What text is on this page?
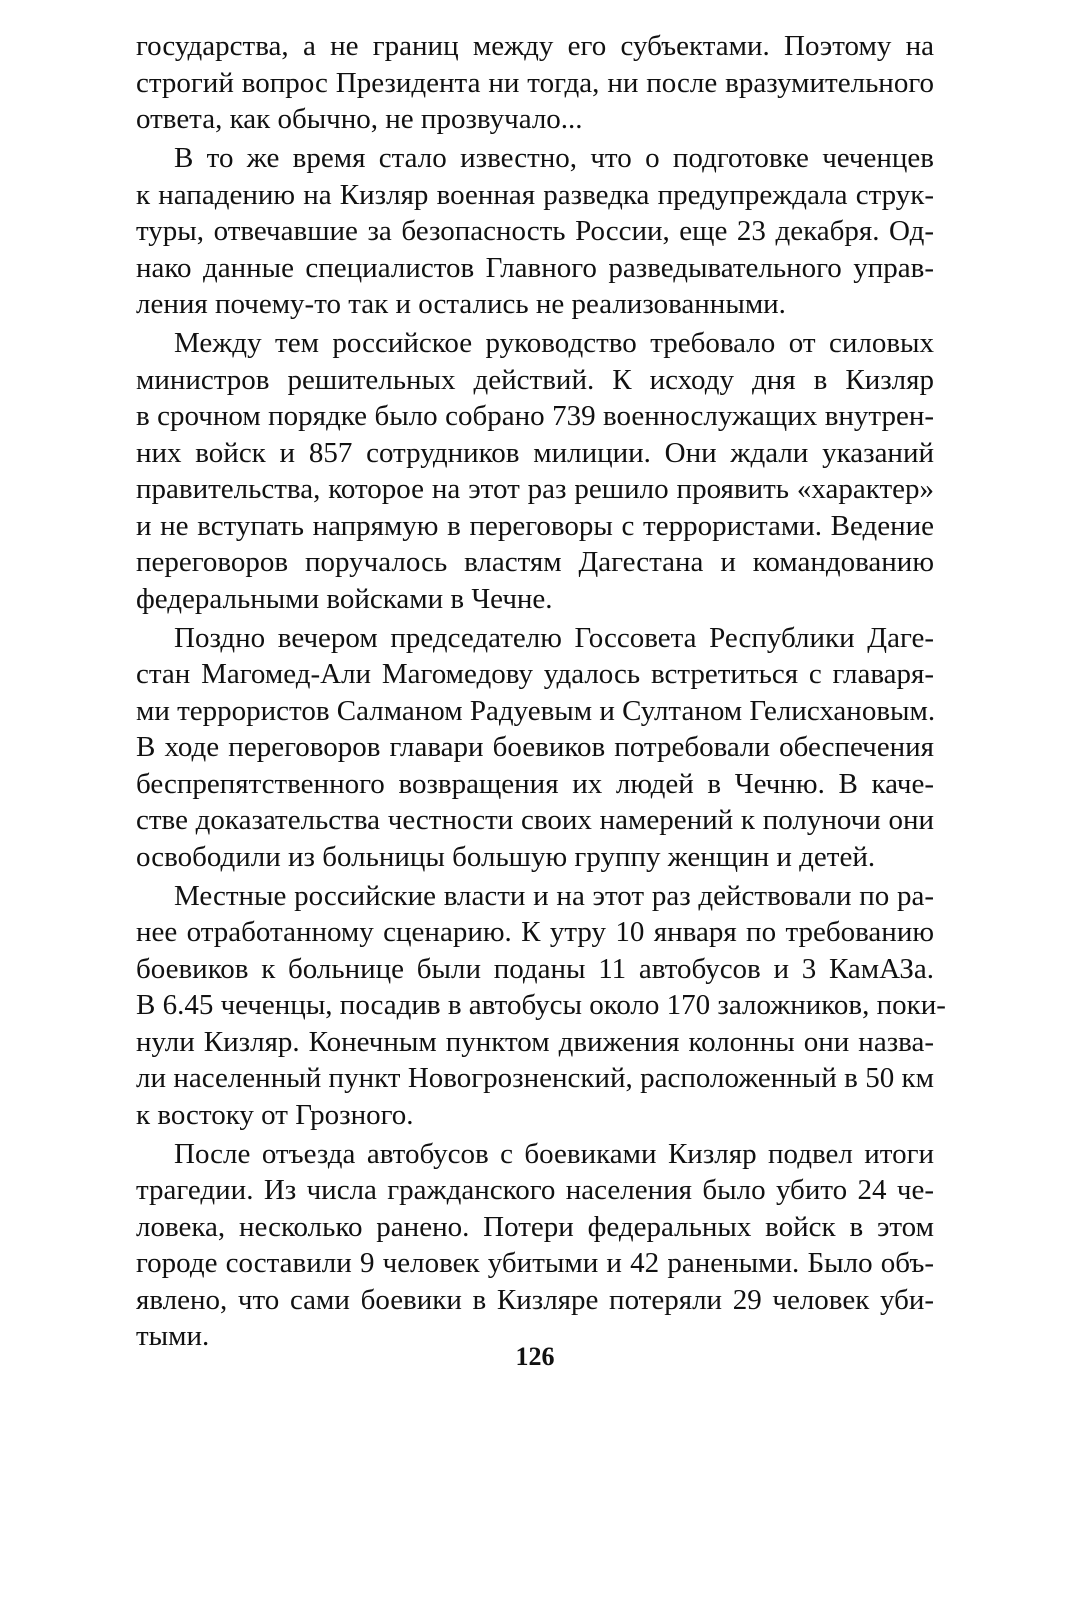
государства, а не границ между его субъектами. Поэтому на
строгий вопрос Президента ни тогда, ни после вразумительного
ответа, как обычно, не прозвучало...
В то же время стало известно, что о подготовке чеченцев
к нападению на Кизляр военная разведка предупреждала струк-
туры, отвечавшие за безопасность России, еще 23 декабря. Од-
нако данные специалистов Главного разведывательного управ-
ления почему-то так и остались не реализованными.
Между тем российское руководство требовало от силовых
министров решительных действий. К исходу дня в Кизляр
в срочном порядке было собрано 739 военнослужащих внутрен-
них войск и 857 сотрудников милиции. Они ждали указаний
правительства, которое на этот раз решило проявить «характер»
и не вступать напрямую в переговоры с террористами. Ведение
переговоров поручалось властям Дагестана и командованию
федеральными войсками в Чечне.
Поздно вечером председателю Госсовета Республики Даге-
стан Магомед-Али Магомедову удалось встретиться с главаря-
ми террористов Салманом Радуевым и Султаном Гелисхановым.
В ходе переговоров главари боевиков потребовали обеспечения
беспрепятственного возвращения их людей в Чечню. В каче-
стве доказательства честности своих намерений к полуночи они
освободили из больницы большую группу женщин и детей.
Местные российские власти и на этот раз действовали по ра-
нее отработанному сценарию. К утру 10 января по требованию
боевиков к больнице были поданы 11 автобусов и 3 КамАЗа.
В 6.45 чеченцы, посадив в автобусы около 170 заложников, поки-
нули Кизляр. Конечным пунктом движения колонны они назва-
ли населенный пункт Новогрозненский, расположенный в 50 км
к востоку от Грозного.
После отъезда автобусов с боевиками Кизляр подвел итоги
трагедии. Из числа гражданского населения было убито 24 че-
ловека, несколько ранено. Потери федеральных войск в этом
городе составили 9 человек убитыми и 42 ранеными. Было объ-
явлено, что сами боевики в Кизляре потеряли 29 человек уби-
тыми.
126
